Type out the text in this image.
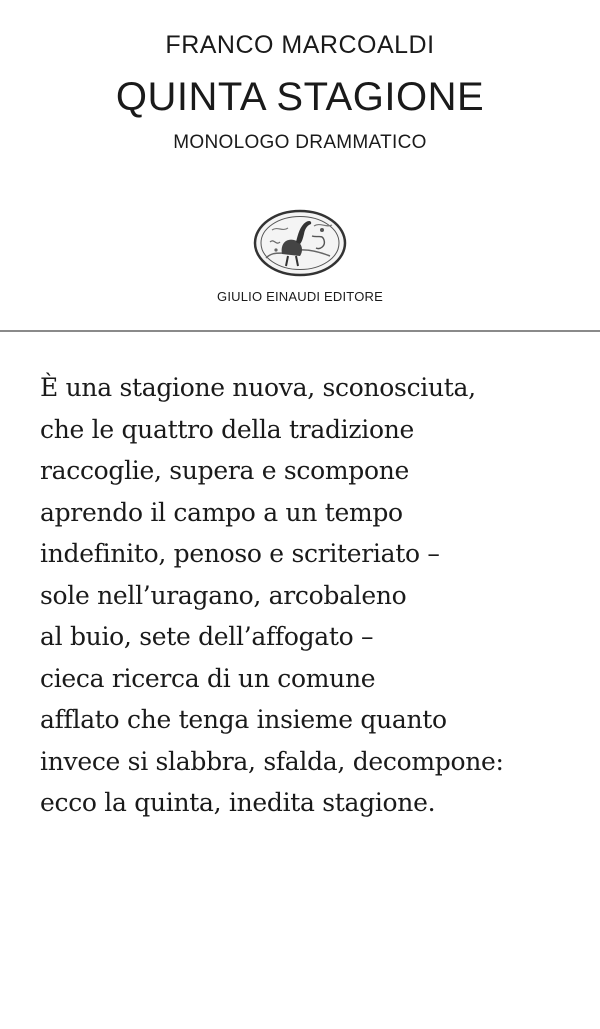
FRANCO MARCOALDI
QUINTA STAGIONE
MONOLOGO DRAMMATICO
GIULIO EINAUDI EDITORE
È una stagione nuova, sconosciuta,
che le quattro della tradizione
raccoglie, supera e scompone
aprendo il campo a un tempo
indefinito, penoso e scriteriato –
sole nell’uragano, arcobaleno
al buio, sete dell’affogato –
cieca ricerca di un comune
afflato che tenga insieme quanto
invece si slabbra, sfalda, decompone:
ecco la quinta, inedita stagione.
